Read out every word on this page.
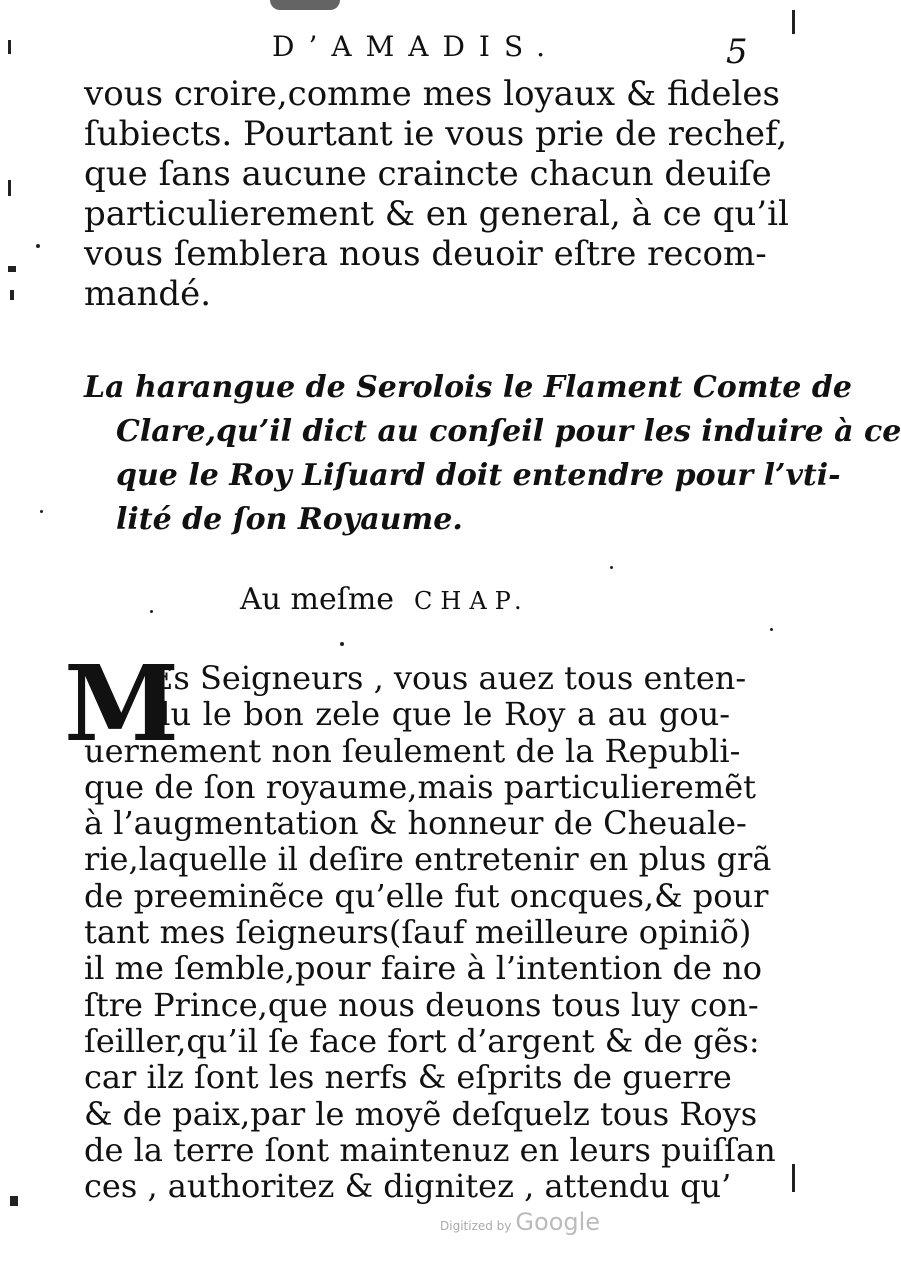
D’AMADIS.	5
vous croire,comme mes loyaux & fideles
ſubiects. Pourtant ie vous prie de rechef,
que ſans aucune craincte chacun deuiſe
particulierement & en general, à ce qu’il
vous ſemblera nous deuoir eſtre recom-
mandé.
La harangue de Serolois le Flament Comte de
Clare,qu’il dict au conſeil pour les induire à ce
que le Roy Liſuard doit entendre pour l’vti-
lité de ſon Royaume.
Au meſme CHAP.
M
Es Seigneurs , vous auez tous enten-
du le bon zele que le Roy a au gou-
uernement non ſeulement de la Republi-
que de ſon royaume,mais particulieremẽt
à l’augmentation & honneur de Cheuale-
rie,laquelle il deſire entretenir en plus grã
de preeminẽce qu’elle fut oncques,& pour
tant mes ſeigneurs(ſauf meilleure opiniõ)
il me ſemble,pour faire à l’intention de no
ſtre Prince,que nous deuons tous luy con-
ſeiller,qu’il ſe face fort d’argent & de gẽs:
car ilz ſont les nerfs & eſprits de guerre
& de paix,par le moyẽ deſquelz tous Roys
de la terre ſont maintenuz en leurs puiſſan
ces , authoritez & dignitez , attendu qu’
Digitized by Google
